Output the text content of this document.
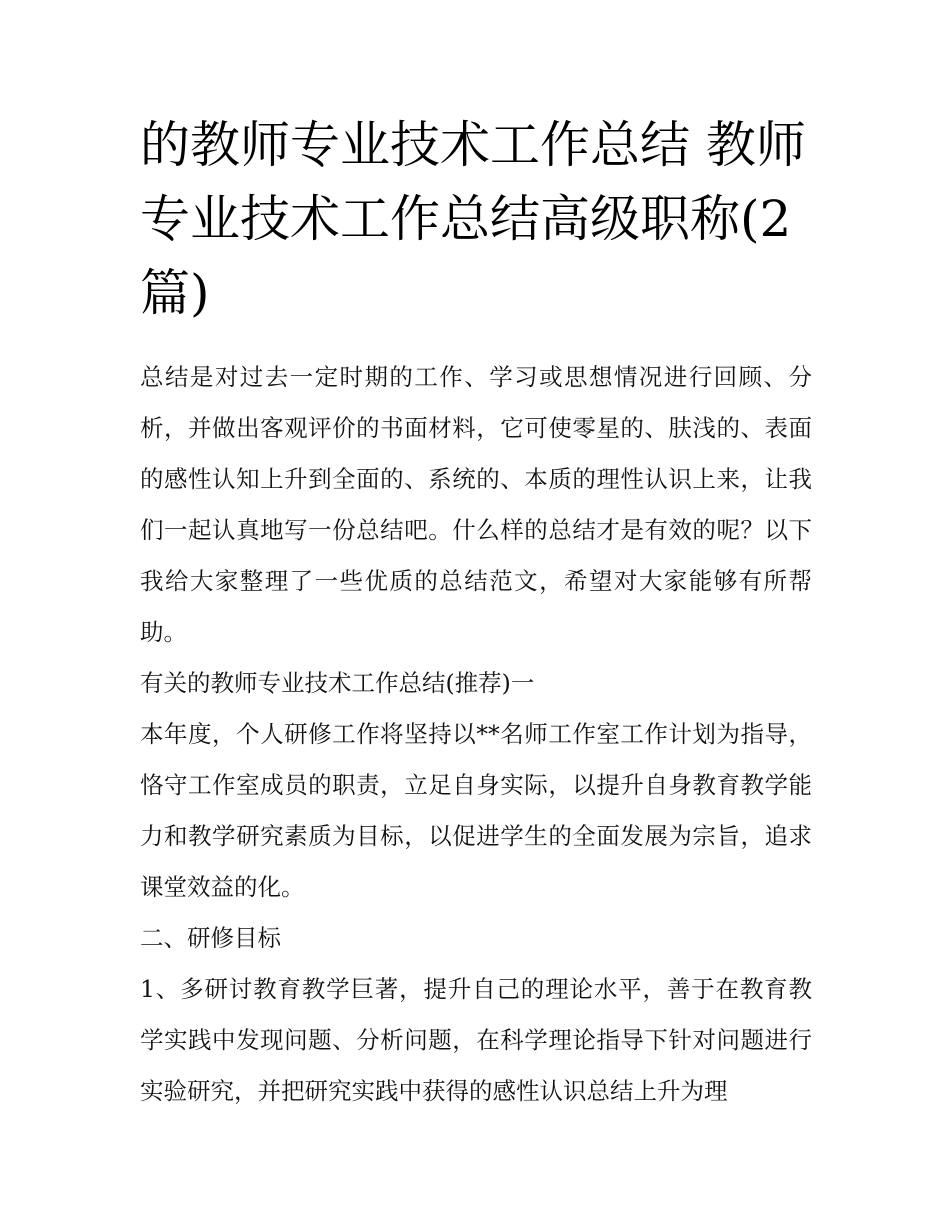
的教师专业技术工作总结 教师专业技术工作总结高级职称(2篇)

总结是对过去一定时期的工作、学习或思想情况进行回顾、分析，并做出客观评价的书面材料，它可使零星的、肤浅的、表面的感性认知上升到全面的、系统的、本质的理性认识上来，让我们一起认真地写一份总结吧。什么样的总结才是有效的呢？以下我给大家整理了一些优质的总结范文，希望对大家能够有所帮助。

有关的教师专业技术工作总结(推荐)一

本年度，个人研修工作将坚持以**名师工作室工作计划为指导，恪守工作室成员的职责，立足自身实际，以提升自身教育教学能力和教学研究素质为目标，以促进学生的全面发展为宗旨，追求课堂效益的化。

二、研修目标

1、多研讨教育教学巨著，提升自己的理论水平，善于在教育教学实践中发现问题、分析问题，在科学理论指导下针对问题进行实验研究，并把研究实践中获得的感性认识总结上升为理
